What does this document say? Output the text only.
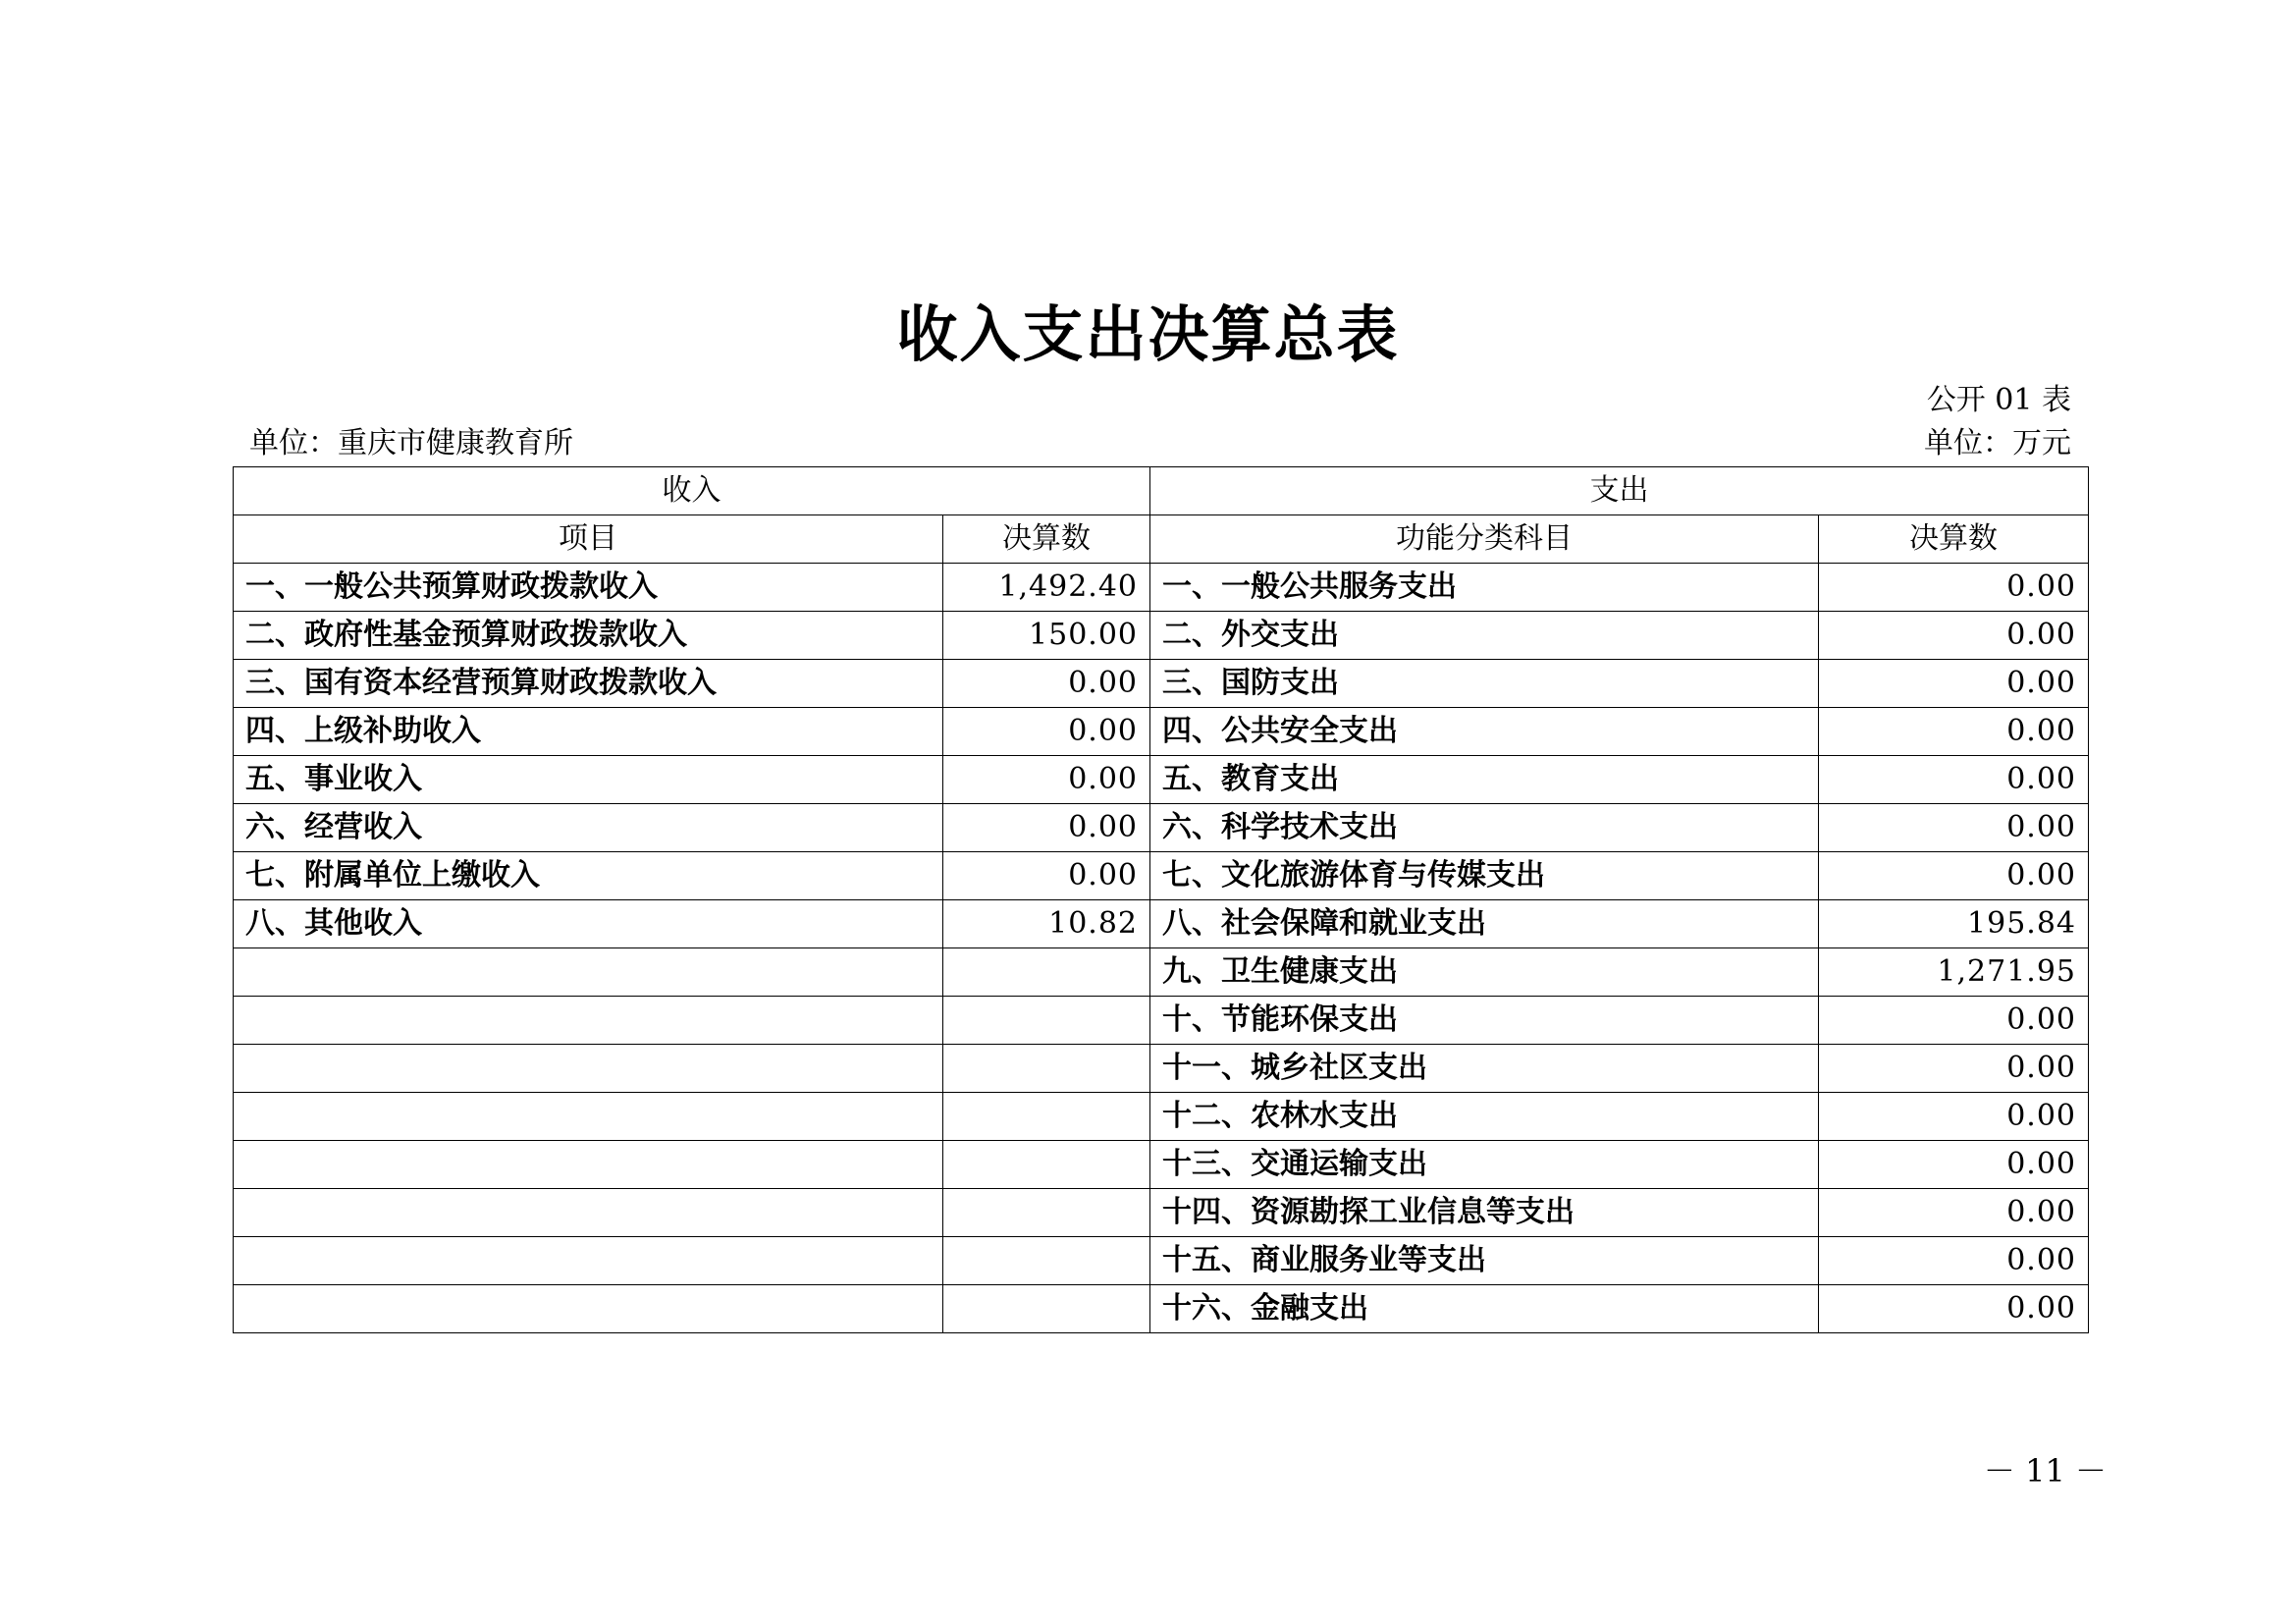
收入支出决算总表
公开 01 表
单位：重庆市健康教育所	单位：万元
收入		支出	
项目	决算数	功能分类科目	决算数
一、一般公共预算财政拨款收入	1,492.40	一、一般公共服务支出	0.00
二、政府性基金预算财政拨款收入	150.00	二、外交支出	0.00
三、国有资本经营预算财政拨款收入	0.00	三、国防支出	0.00
四、上级补助收入	0.00	四、公共安全支出	0.00
五、事业收入	0.00	五、教育支出	0.00
六、经营收入	0.00	六、科学技术支出	0.00
七、附属单位上缴收入	0.00	七、文化旅游体育与传媒支出	0.00
八、其他收入	10.82	八、社会保障和就业支出	195.84
		九、卫生健康支出	1,271.95
		十、节能环保支出	0.00
		十一、城乡社区支出	0.00
		十二、农林水支出	0.00
		十三、交通运输支出	0.00
		十四、资源勘探工业信息等支出	0.00
		十五、商业服务业等支出	0.00
		十六、金融支出	0.00
－ 11 －
